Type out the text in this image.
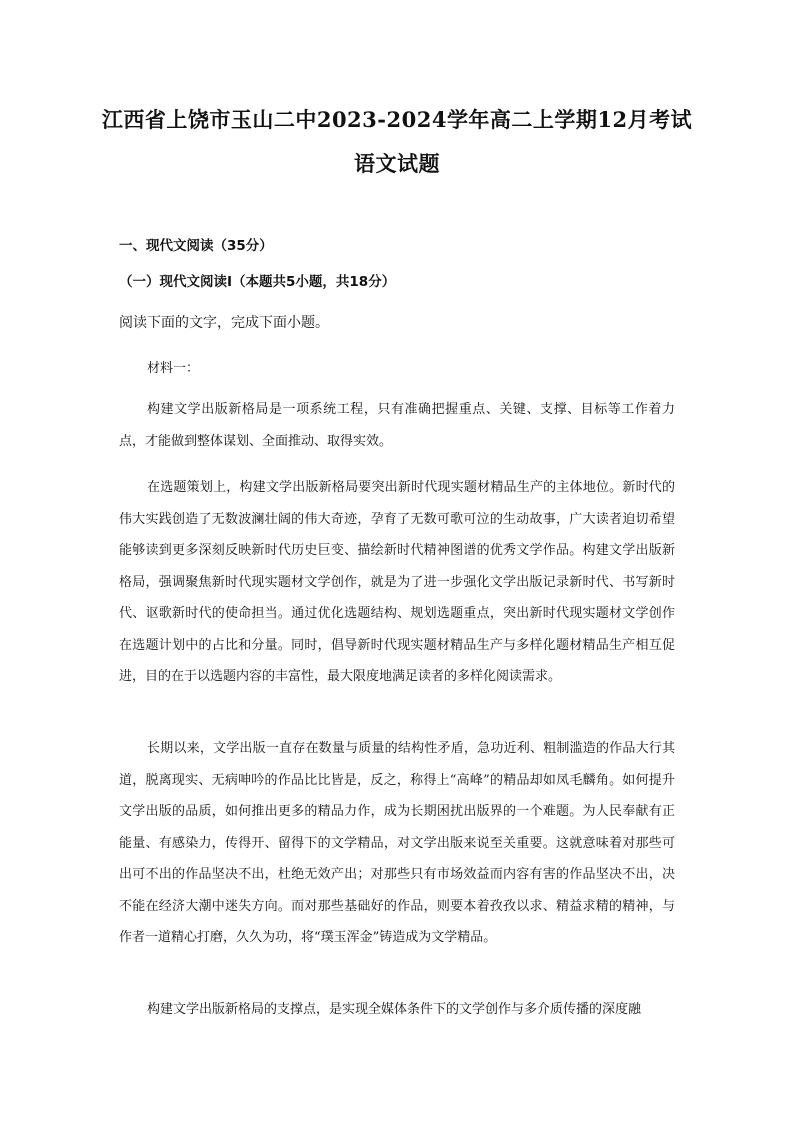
江西省上饶市玉山二中2023-2024学年高二上学期12月考试
语文试题
一、现代文阅读（35分）
（一）现代文阅读Ⅰ（本题共5小题，共18分）
阅读下面的文字，完成下面小题。
材料一：

构建文学出版新格局是一项系统工程，只有准确把握重点、关键、支撑、目标等工作着力点，才能做到整体谋划、全面推动、取得实效。

在选题策划上，构建文学出版新格局要突出新时代现实题材精品生产的主体地位。新时代的伟大实践创造了无数波澜壮阔的伟大奇迹，孕育了无数可歌可泣的生动故事，广大读者迫切希望能够读到更多深刻反映新时代历史巨变、描绘新时代精神图谱的优秀文学作品。构建文学出版新格局，强调聚焦新时代现实题材文学创作，就是为了进一步强化文学出版记录新时代、书写新时代、讴歌新时代的使命担当。通过优化选题结构、规划选题重点，突出新时代现实题材文学创作在选题计划中的占比和分量。同时，倡导新时代现实题材精品生产与多样化题材精品生产相互促进，目的在于以选题内容的丰富性，最大限度地满足读者的多样化阅读需求。

长期以来，文学出版一直存在数量与质量的结构性矛盾，急功近利、粗制滥造的作品大行其道，脱离现实、无病呻吟的作品比比皆是，反之，称得上“高峰”的精品却如凤毛麟角。如何提升文学出版的品质，如何推出更多的精品力作，成为长期困扰出版界的一个难题。为人民奉献有正能量、有感染力，传得开、留得下的文学精品，对文学出版来说至关重要。这就意味着对那些可出可不出的作品坚决不出，杜绝无效产出；对那些只有市场效益而内容有害的作品坚决不出，决不能在经济大潮中迷失方向。而对那些基础好的作品，则要本着孜孜以求、精益求精的精神，与作者一道精心打磨，久久为功，将“璞玉浑金”铸造成为文学精品。

构建文学出版新格局的支撑点，是实现全媒体条件下的文学创作与多介质传播的深度融
